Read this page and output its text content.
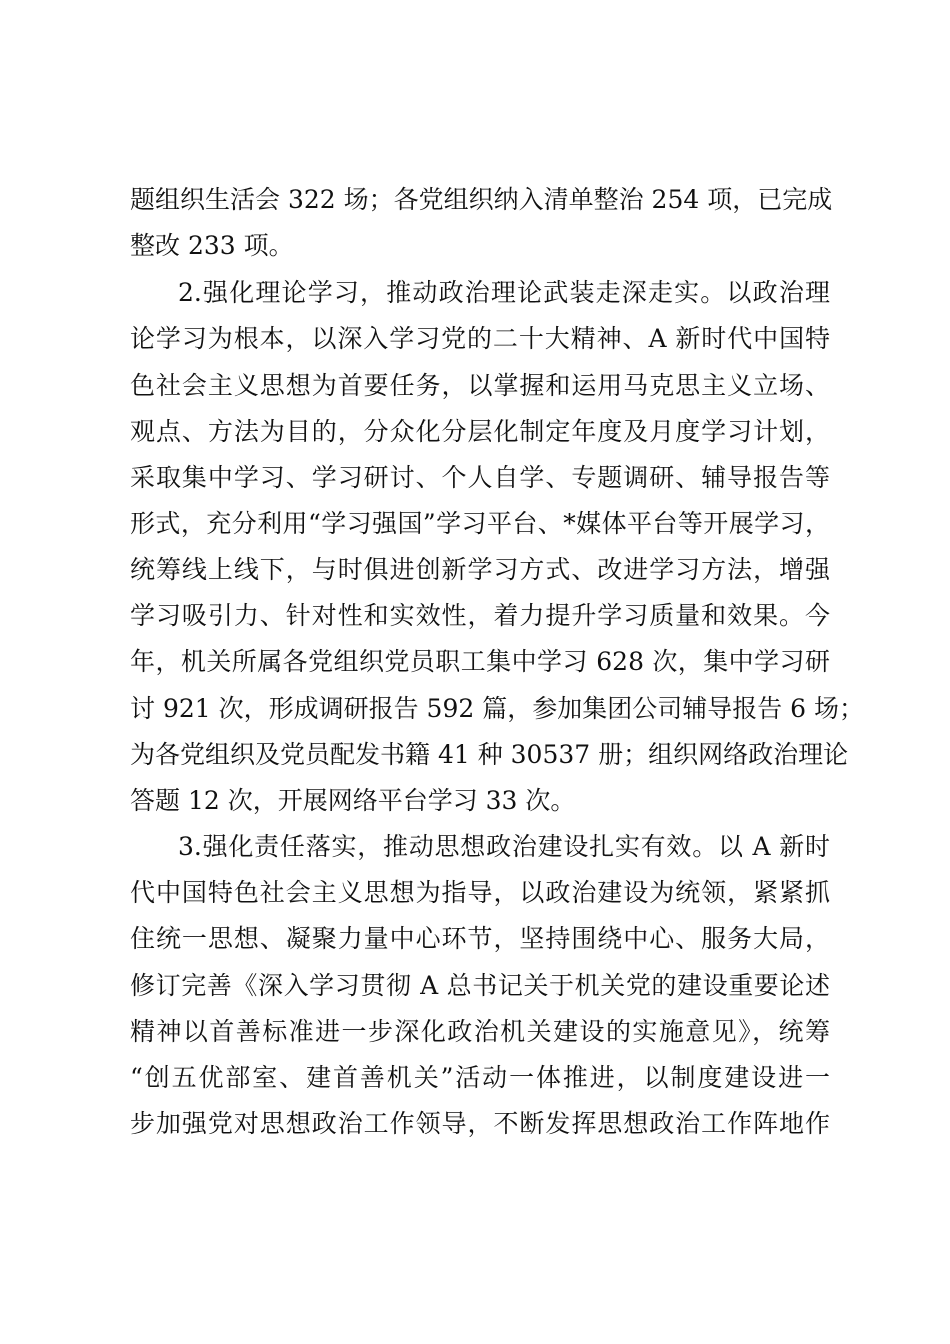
题组织生活会 322 场；各党组织纳入清单整治 254 项，已完成
整改 233 项。
2.强化理论学习，推动政治理论武装走深走实。以政治理
论学习为根本，以深入学习党的二十大精神、A 新时代中国特
色社会主义思想为首要任务，以掌握和运用马克思主义立场、
观点、方法为目的，分众化分层化制定年度及月度学习计划，
采取集中学习、学习研讨、个人自学、专题调研、辅导报告等
形式，充分利用“学习强国”学习平台、*媒体平台等开展学习，
统筹线上线下，与时俱进创新学习方式、改进学习方法，增强
学习吸引力、针对性和实效性，着力提升学习质量和效果。今
年，机关所属各党组织党员职工集中学习 628 次，集中学习研
讨 921 次，形成调研报告 592 篇，参加集团公司辅导报告 6 场；
为各党组织及党员配发书籍 41 种 30537 册；组织网络政治理论
答题 12 次，开展网络平台学习 33 次。
3.强化责任落实，推动思想政治建设扎实有效。以 A 新时
代中国特色社会主义思想为指导，以政治建设为统领，紧紧抓
住统一思想、凝聚力量中心环节，坚持围绕中心、服务大局，
修订完善《深入学习贯彻 A 总书记关于机关党的建设重要论述
精神以首善标准进一步深化政治机关建设的实施意见》，统筹
“创五优部室、建首善机关”活动一体推进，以制度建设进一
步加强党对思想政治工作领导，不断发挥思想政治工作阵地作
